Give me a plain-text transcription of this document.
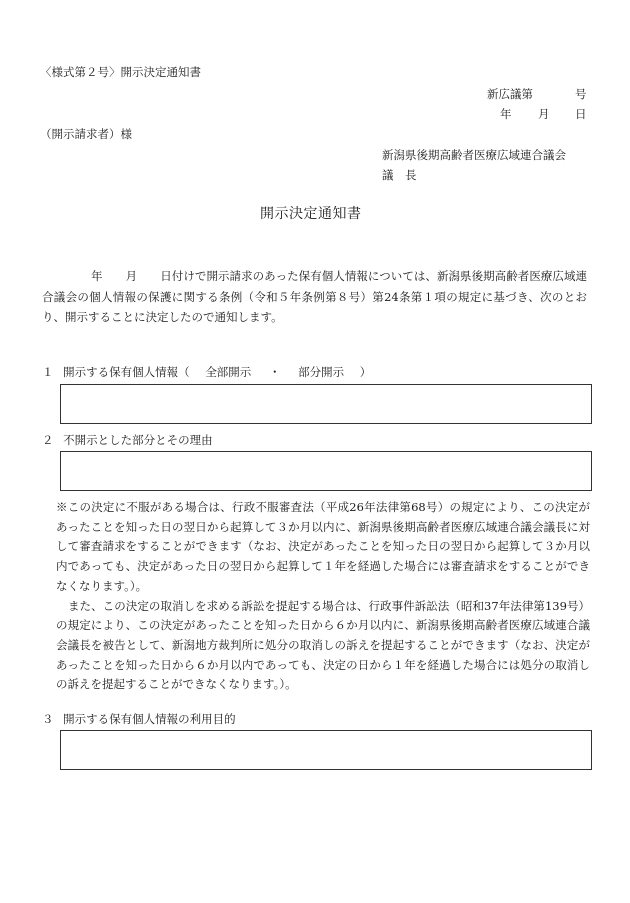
〈様式第２号〉開示決定通知書
新広議第	号
年 月 日
（開示請求者）様
新潟県後期高齢者医療広域連合議会
議　長
開示決定通知書
年　　月　　日付けで開示請求のあった保有個人情報については、新潟県後期高齢者医療広域連合議会の個人情報の保護に関する条例（令和５年条例第８号）第24条第１項の規定に基づき、次のとおり、開示することに決定したので通知します。
１ 開示する保有個人情報（ 全部開示 ・ 部分開示 ）
２ 不開示とした部分とその理由

※この決定に不服がある場合は、行政不服審査法（平成26年法律第68号）の規定により、この決定があったことを知った日の翌日から起算して３か月以内に、新潟県後期高齢者医療広域連合議会議長に対して審査請求をすることができます（なお、決定があったことを知った日の翌日から起算して３か月以内であっても、決定があった日の翌日から起算して１年を経過した場合には審査請求をすることができなくなります。）。

また、この決定の取消しを求める訴訟を提起する場合は、行政事件訴訟法（昭和37年法律第139号）の規定により、この決定があったことを知った日から６か月以内に、新潟県後期高齢者医療広域連合議会議長を被告として、新潟地方裁判所に処分の取消しの訴えを提起することができます（なお、決定があったことを知った日から６か月以内であっても、決定の日から１年を経過した場合には処分の取消しの訴えを提起することができなくなります。）。

３ 開示する保有個人情報の利用目的
